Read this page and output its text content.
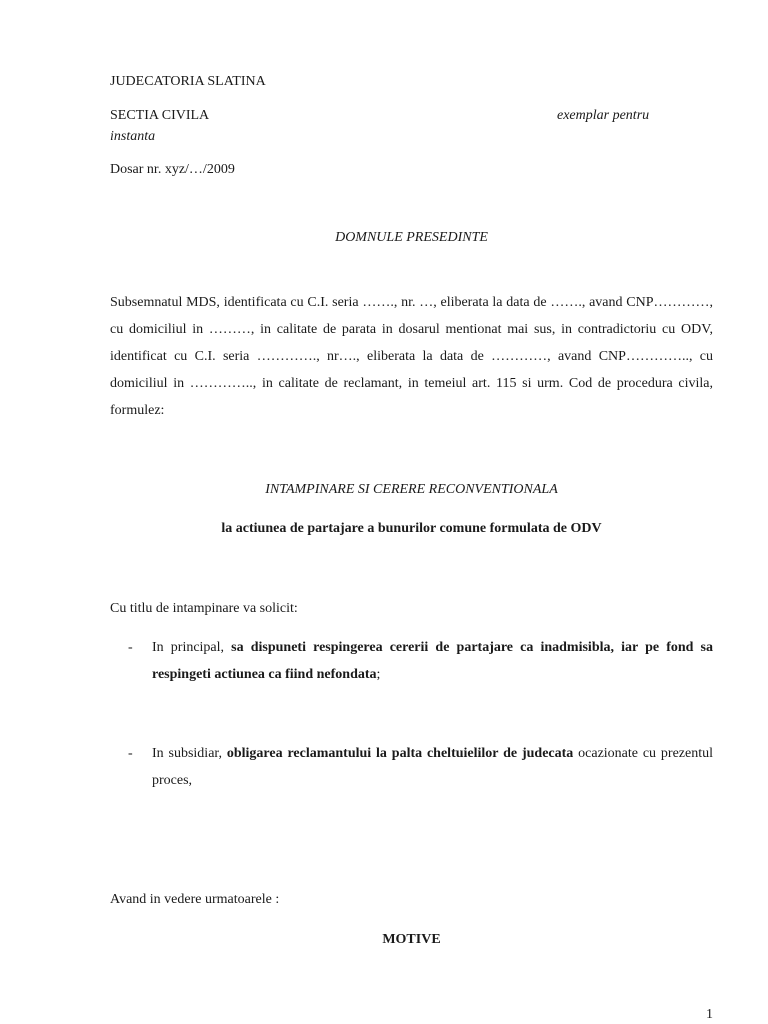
JUDECATORIA SLATINA
SECTIA CIVILA	exemplar pentru
instanta
Dosar nr. xyz/…/2009
DOMNULE PRESEDINTE
Subsemnatul MDS, identificata cu C.I. seria ……., nr. …, eliberata la data de ……., avand CNP…………, cu domiciliul in ………, in calitate de parata in dosarul mentionat mai sus, in contradictoriu cu ODV, identificat cu C.I. seria …………., nr…., eliberata la data de …………, avand CNP………….., cu domiciliul in ………….., in calitate de reclamant, in temeiul art. 115 si urm. Cod de procedura civila, formulez:
INTAMPINARE SI CERERE RECONVENTIONALA
la actiunea de partajare a bunurilor comune formulata de ODV
Cu titlu de intampinare va solicit:
- In principal, sa dispuneti respingerea cererii de partajare ca inadmisibla, iar pe fond sa respingeti actiunea ca fiind nefondata;
- In subsidiar, obligarea reclamantului la palta cheltuielilor de judecata ocazionate cu prezentul proces,
Avand in vedere urmatoarele :
MOTIVE
1
